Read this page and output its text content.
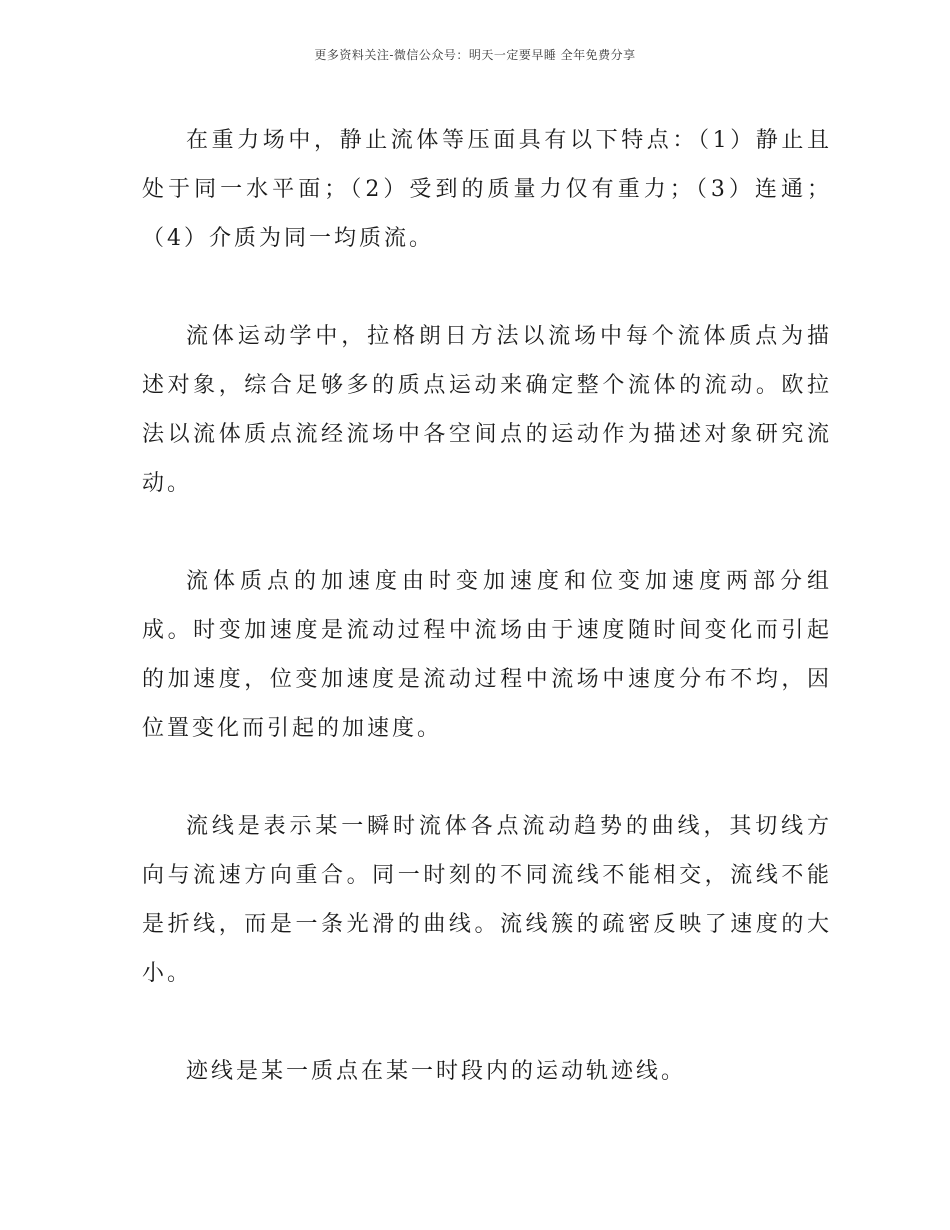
更多资料关注-微信公众号：明天一定要早睡 全年免费分享

在重力场中，静止流体等压面具有以下特点：（1）静止且处于同一水平面；（2）受到的质量力仅有重力；（3）连通；（4）介质为同一均质流。

流体运动学中，拉格朗日方法以流场中每个流体质点为描述对象，综合足够多的质点运动来确定整个流体的流动。欧拉法以流体质点流经流场中各空间点的运动作为描述对象研究流动。

流体质点的加速度由时变加速度和位变加速度两部分组成。时变加速度是流动过程中流场由于速度随时间变化而引起的加速度，位变加速度是流动过程中流场中速度分布不均，因位置变化而引起的加速度。

流线是表示某一瞬时流体各点流动趋势的曲线，其切线方向与流速方向重合。同一时刻的不同流线不能相交，流线不能是折线，而是一条光滑的曲线。流线簇的疏密反映了速度的大小。

迹线是某一质点在某一时段内的运动轨迹线。
